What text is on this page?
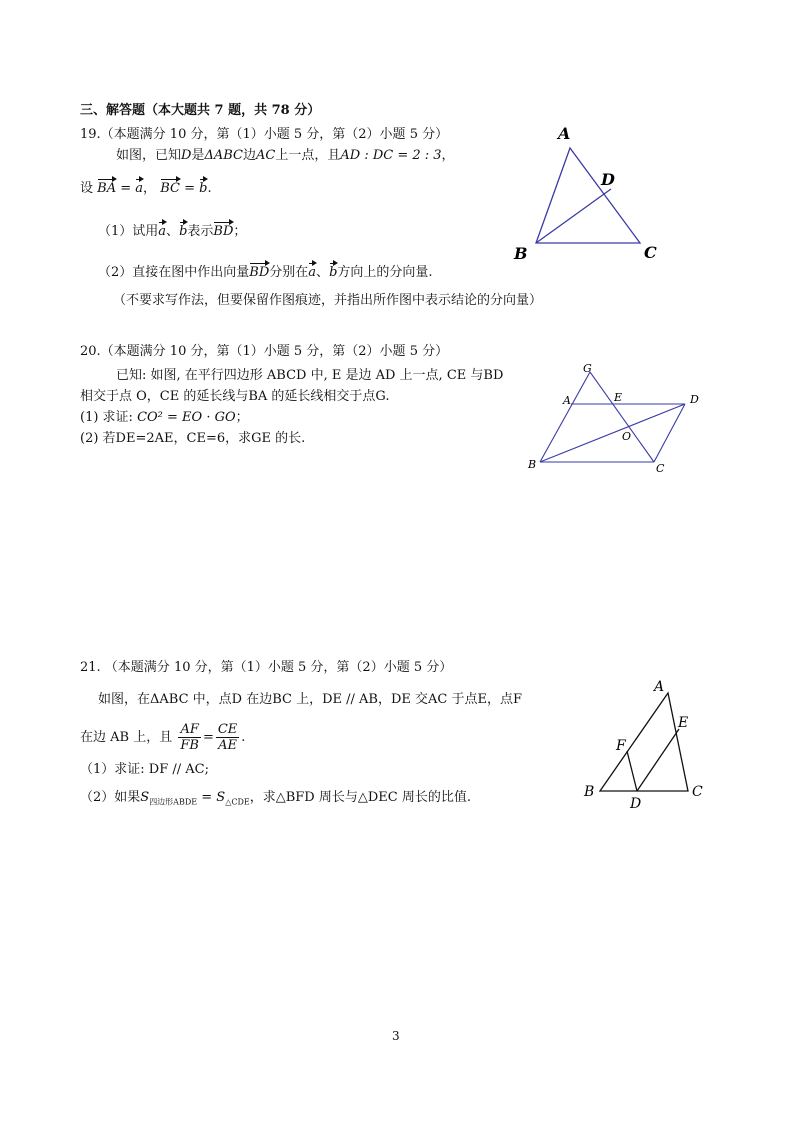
三、解答题（本大题共 7 题，共 78 分）
19.（本题满分 10 分，第（1）小题 5 分，第（2）小题 5 分）
如图，已知D是ΔABC边AC上一点，且AD : DC = 2 : 3，
设 BA = a， BC = b.
（1）试用a、b表示BD；
（2）直接在图中作出向量BD分别在a、b方向上的分向量.
（不要求写作法，但要保留作图痕迹，并指出所作图中表示结论的分向量）
A
B	C
D
20.（本题满分 10 分，第（1）小题 5 分，第（2）小题 5 分）
已知: 如图, 在平行四边形 ABCD 中, E 是边 AD 上一点, CE 与BD
相交于点 O，CE 的延长线与BA 的延长线相交于点G.
(1) 求证: CO² = EO · GO；
(2) 若DE=2AE，CE=6，求GE 的长.
G
A	E	D
O
B	C
21. （本题满分 10 分，第（1）小题 5 分，第（2）小题 5 分）
如图，在ΔABC 中，点D 在边BC 上，DE // AB，DE 交AC 于点E，点F
在边 AB 上，且 $\frac{AF}{FB} = \frac{CE}{AE}$ .
（1）求证: DF // AC;
（2）如果$S_{四边形ABDE} = S_{\triangle CDE}$，求△BFD 周长与△DEC 周长的比值.
A
E
F
B
D
C
3
